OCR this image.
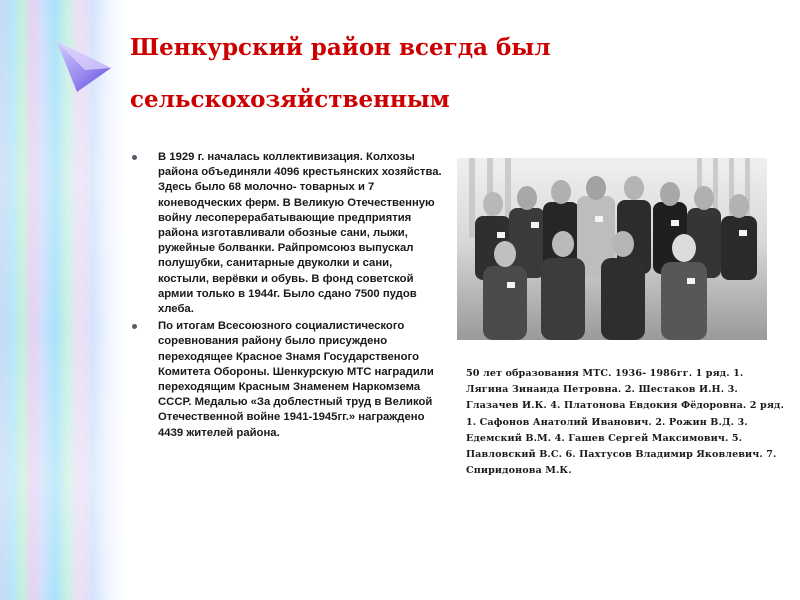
Шенкурский район всегда был сельскохозяйственным
В 1929 г. началась коллективизация. Колхозы района объединяли 4096 крестьянских хозяйства. Здесь было 68 молочно- товарных и 7 коневодческих ферм. В Великую Отечественную войну лесоперерабатывающие предприятия района изготавливали обозные сани, лыжи, ружейные болванки. Райпромсоюз выпускал полушубки, санитарные двуколки и сани, костыли, верёвки и обувь. В фонд советской армии только в 1944г. Было сдано 7500 пудов хлеба.
По итогам Всесоюзного социалистического соревнования району было присуждено переходящее Красное Знамя Государственого Комитета Обороны. Шенкурскую МТС наградили переходящим Красным Знаменем Наркомзема СССР. Медалью «За доблестный труд в Великой Отечественной войне 1941-1945гг.» награждено 4439 жителей района.
50 лет образования МТС. 1936- 1986гг. 1 ряд. 1. Лягина Зинаида Петровна. 2. Шестаков И.Н. 3. Глазачев И.К. 4. Платонова Евдокия Фёдоровна. 2 ряд. 1. Сафонов Анатолий Иванович. 2. Рожин В.Д. 3. Едемский В.М. 4. Гашев Сергей Максимович. 5. Павловский В.С. 6. Пахтусов Владимир Яковлевич. 7. Спиридонова М.К.
